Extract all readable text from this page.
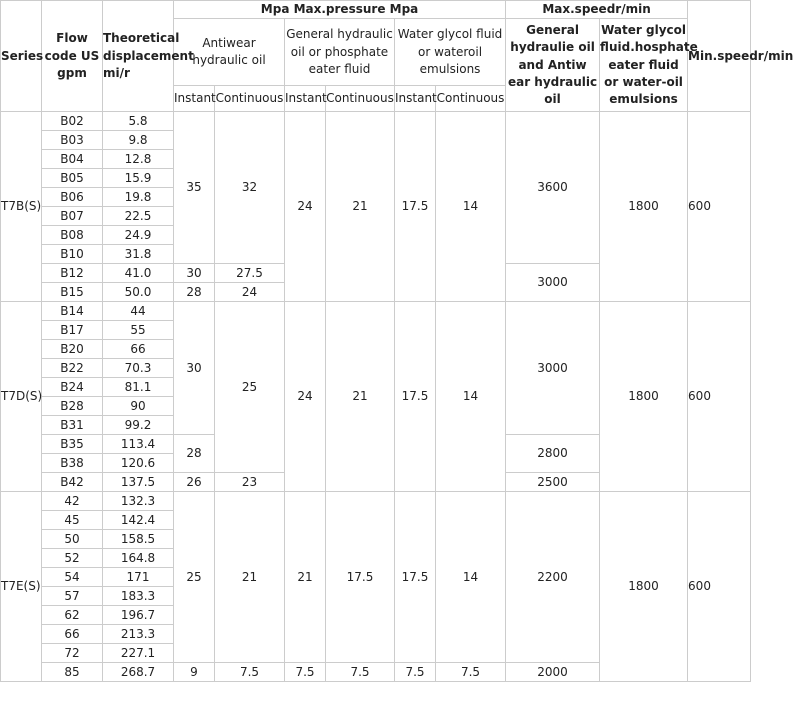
Series	Flow code US gpm	Theoretical displacement mi/r	Mpa Max.pressure Mpa						Max.speedr/min		Min.speedr/min
			Antiwear hydraulic oil		General hydraulic oil or phosphate eater fluid		Water glycol fluid or wateroil emulsions		General hydraulie oil and Antiw ear hydraulic oil	Water glycol fluid.hosphate eater fluid or water-oil emulsions	
			Instant	Continuous	Instant	Continuous	Instant	Continuous			
T7B(S)	B02	5.8	35	32	24	21	17.5	14	3600	1800	600
	B03	9.8									
	B04	12.8									
	B05	15.9									
	B06	19.8									
	B07	22.5									
	B08	24.9									
	B10	31.8									
	B12	41.0	30	27.5					3000		
	B15	50.0	28	24							
T7D(S)	B14	44	30	25	24	21	17.5	14	3000	1800	600
	B17	55									
	B20	66									
	B22	70.3									
	B24	81.1									
	B28	90									
	B31	99.2									
	B35	113.4	28						2800		
	B38	120.6									
	B42	137.5	26	23					2500		
T7E(S)	42	132.3	25	21	21	17.5	17.5	14	2200	1800	600
	45	142.4									
	50	158.5									
	52	164.8									
	54	171									
	57	183.3									
	62	196.7									
	66	213.3									
	72	227.1									
	85	268.7	9	7.5	7.5	7.5	7.5	7.5	2000		
